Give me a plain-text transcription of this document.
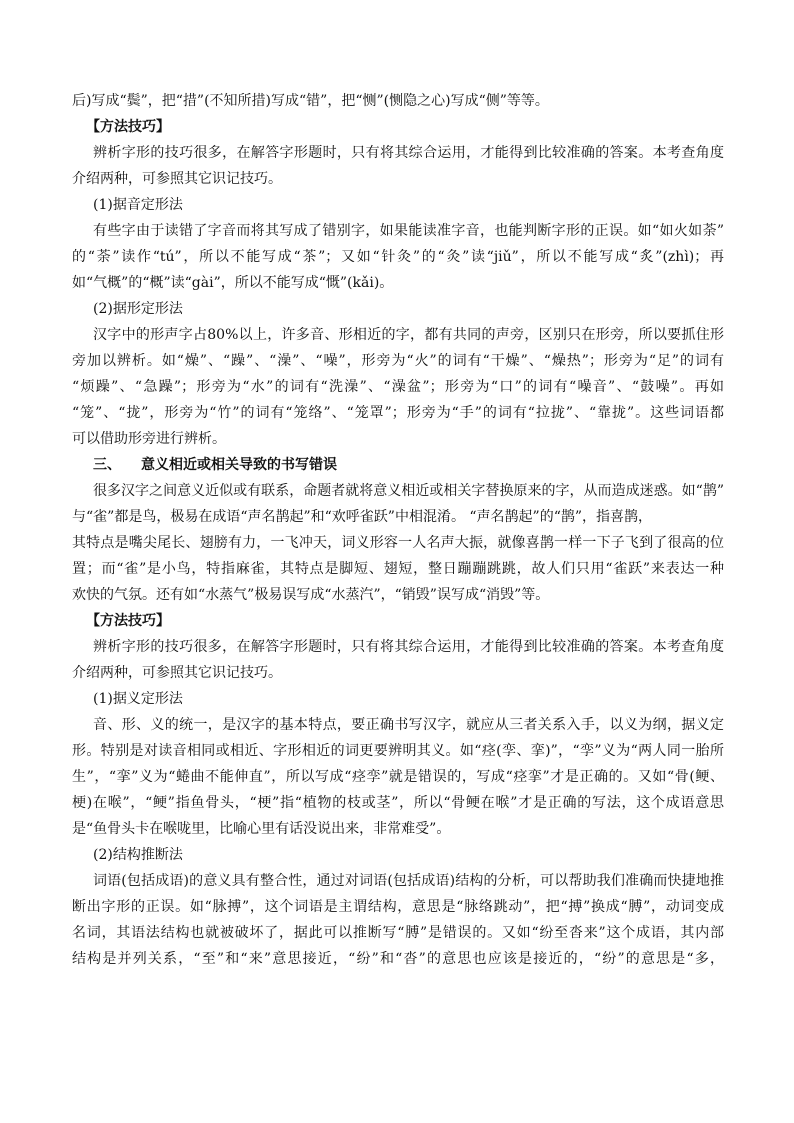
后)写成“鬓”，把“措”(不知所措)写成“错”，把“恻”(恻隐之心)写成“侧”等等。
【方法技巧】
辨析字形的技巧很多，在解答字形题时，只有将其综合运用，才能得到比较准确的答案。本考查角度
介绍两种，可参照其它识记技巧。
(1)据音定形法
有些字由于读错了字音而将其写成了错别字，如果能读准字音，也能判断字形的正误。如“如火如荼”
的“荼”读作“tú”，所以不能写成“茶”；又如“针灸”的“灸”读“jiǔ”，所以不能写成“炙”(zhì)；再
如“气概”的“概”读“gài”，所以不能写成“慨”(kǎi)。
(2)据形定形法
汉字中的形声字占80%以上，许多音、形相近的字，都有共同的声旁，区别只在形旁，所以要抓住形
旁加以辨析。如“燥”、“躁”、“澡”、“噪”，形旁为“火”的词有“干燥”、“燥热”；形旁为“足”的词有
“烦躁”、“急躁”；形旁为“水”的词有“洗澡”、“澡盆”；形旁为“口”的词有“噪音”、“鼓噪”。再如
“笼”、“拢”，形旁为“竹”的词有“笼络”、“笼罩”；形旁为“手”的词有“拉拢”、“靠拢”。这些词语都
可以借助形旁进行辨析。
三、 意义相近或相关导致的书写错误
很多汉字之间意义近似或有联系，命题者就将意义相近或相关字替换原来的字，从而造成迷惑。如“鹊”
与“雀”都是鸟，极易在成语“声名鹊起”和“欢呼雀跃”中相混淆。 “声名鹊起”的“鹊”，指喜鹊，
其特点是嘴尖尾长、翅膀有力，一飞冲天，词义形容一人名声大振，就像喜鹊一样一下子飞到了很高的位
置；而“雀”是小鸟，特指麻雀，其特点是脚短、翅短，整日蹦蹦跳跳，故人们只用“雀跃”来表达一种
欢快的气氛。还有如“水蒸气”极易误写成“水蒸汽”，“销毁”误写成“消毁”等。
【方法技巧】
辨析字形的技巧很多，在解答字形题时，只有将其综合运用，才能得到比较准确的答案。本考查角度
介绍两种，可参照其它识记技巧。
(1)据义定形法
音、形、义的统一，是汉字的基本特点，要正确书写汉字，就应从三者关系入手，以义为纲，据义定
形。特别是对读音相同或相近、字形相近的词更要辨明其义。如“痉(孪、挛)”，“孪”义为“两人同一胎所
生”，“挛”义为“蜷曲不能伸直”，所以写成“痉孪”就是错误的，写成“痉挛”才是正确的。又如“骨(鲠、
梗)在喉”，“鲠”指鱼骨头，“梗”指“植物的枝或茎”，所以“骨鲠在喉”才是正确的写法，这个成语意思
是“鱼骨头卡在喉咙里，比喻心里有话没说出来，非常难受”。
(2)结构推断法
词语(包括成语)的意义具有整合性，通过对词语(包括成语)结构的分析，可以帮助我们准确而快捷地推
断出字形的正误。如“脉搏”，这个词语是主谓结构，意思是“脉络跳动”，把“搏”换成“膊”，动词变成
名词，其语法结构也就被破坏了，据此可以推断写“膊”是错误的。又如“纷至沓来”这个成语，其内部
结构是并列关系，“至”和“来”意思接近，“纷”和“沓”的意思也应该是接近的，“纷”的意思是“多，
